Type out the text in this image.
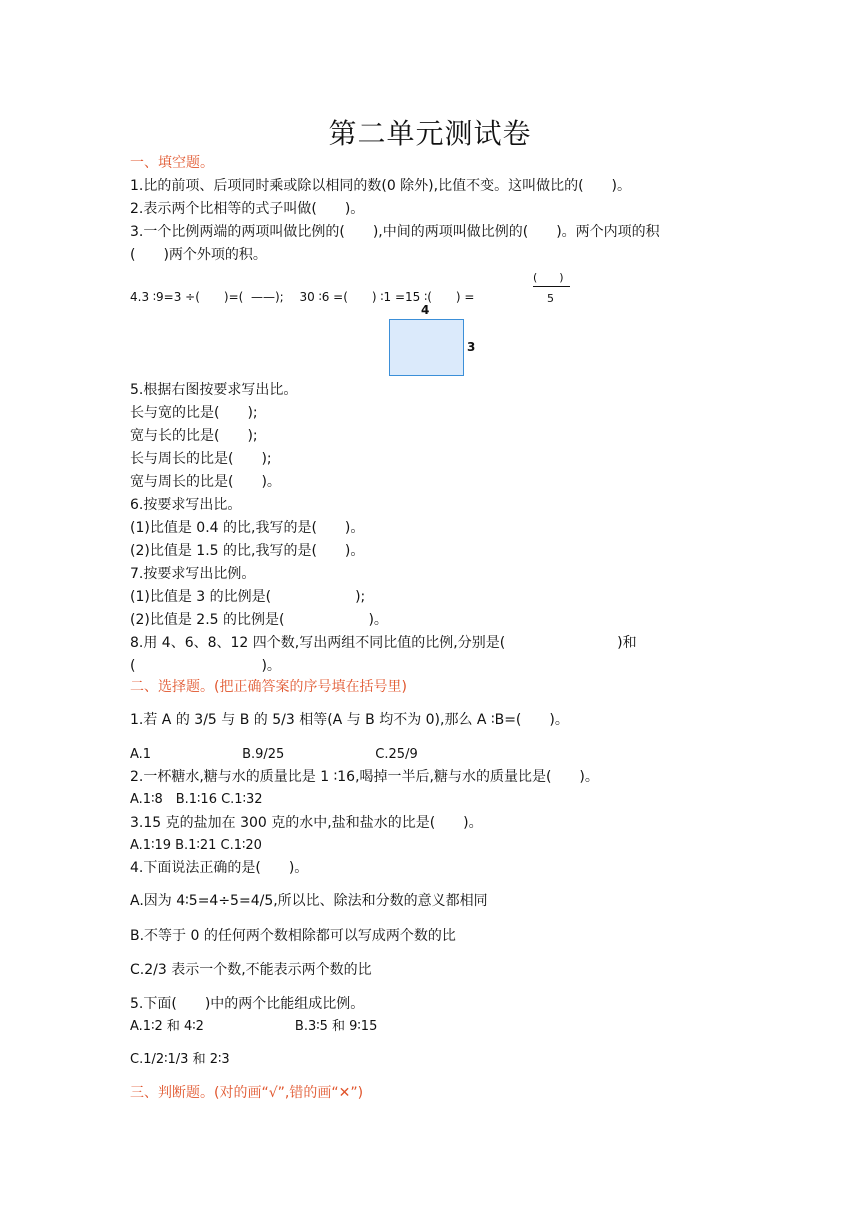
第二单元测试卷
一、填空题。
1.比的前项、后项同时乘或除以相同的数(0 除外),比值不变。这叫做比的(　　)。
2.表示两个比相等的式子叫做(　　)。
3.一个比例两端的两项叫做比例的(　　),中间的两项叫做比例的(　　)。两个内项的积
(　　)两个外项的积。
4.3 ∶9=3 ÷(　　)=(  ——);　 30 ∶6 =(　　) ∶1 =15 ∶(　　) =
(　　)
5
4
3
5.根据右图按要求写出比。
长与宽的比是(　　);
宽与长的比是(　　);
长与周长的比是(　　);
宽与周长的比是(　　)。
6.按要求写出比。
(1)比值是 0.4 的比,我写的是(　　)。
(2)比值是 1.5 的比,我写的是(　　)。
7.按要求写出比例。
(1)比值是 3 的比例是(　　　　　　);
(2)比值是 2.5 的比例是(　　　　　　)。
8.用 4、6、8、12 四个数,写出两组不同比值的比例,分别是(　　　　　　　　)和
(　　　　　　　　　)。
二、选择题。(把正确答案的序号填在括号里)
1.若 A 的 3/5 与 B 的 5/3 相等(A 与 B 均不为 0),那么 A ∶B=(　　)。
A.1　　　　　　　B.9/25　　　　　　　C.25/9
2.一杯糖水,糖与水的质量比是 1 ∶16,喝掉一半后,糖与水的质量比是(　　)。
A.1∶8　B.1∶16 C.1∶32
3.15 克的盐加在 300 克的水中,盐和盐水的比是(　　)。
A.1∶19 B.1∶21 C.1∶20
4.下面说法正确的是(　　)。
A.因为 4∶5=4÷5=4/5,所以比、除法和分数的意义都相同
B.不等于 0 的任何两个数相除都可以写成两个数的比
C.2/3 表示一个数,不能表示两个数的比
5.下面(　　)中的两个比能组成比例。
A.1∶2 和 4∶2　　　　　　　B.3∶5 和 9∶15
C.1/2∶1/3 和 2∶3
三、判断题。(对的画“√”,错的画“✕”)
